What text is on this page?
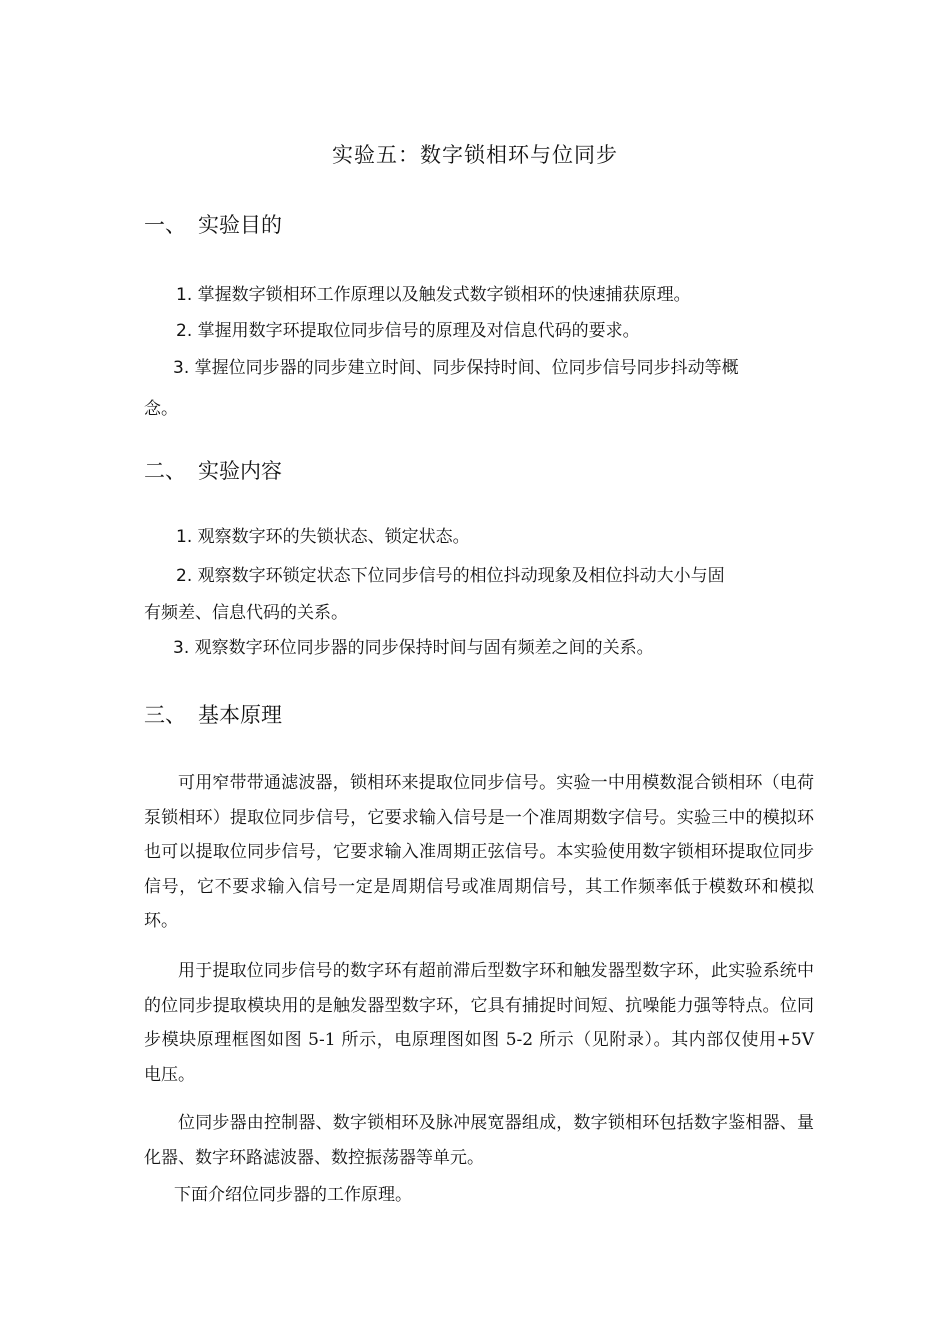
实验五：数字锁相环与位同步
一、 实验目的
1. 掌握数字锁相环工作原理以及触发式数字锁相环的快速捕获原理。
2. 掌握用数字环提取位同步信号的原理及对信息代码的要求。
3. 掌握位同步器的同步建立时间、同步保持时间、位同步信号同步抖动等概
念。
二、 实验内容
1. 观察数字环的失锁状态、锁定状态。
2. 观察数字环锁定状态下位同步信号的相位抖动现象及相位抖动大小与固
有频差、信息代码的关系。
3. 观察数字环位同步器的同步保持时间与固有频差之间的关系。
三、 基本原理
可用窄带带通滤波器，锁相环来提取位同步信号。实验一中用模数混合锁相环（电荷泵锁相环）提取位同步信号，它要求输入信号是一个准周期数字信号。实验三中的模拟环也可以提取位同步信号，它要求输入准周期正弦信号。本实验使用数字锁相环提取位同步信号，它不要求输入信号一定是周期信号或准周期信号，其工作频率低于模数环和模拟环。
用于提取位同步信号的数字环有超前滞后型数字环和触发器型数字环，此实验系统中的位同步提取模块用的是触发器型数字环，它具有捕捉时间短、抗噪能力强等特点。位同步模块原理框图如图 5-1 所示，电原理图如图 5-2 所示（见附录）。其内部仅使用+5V 电压。
位同步器由控制器、数字锁相环及脉冲展宽器组成，数字锁相环包括数字鉴相器、量化器、数字环路滤波器、数控振荡器等单元。
下面介绍位同步器的工作原理。
